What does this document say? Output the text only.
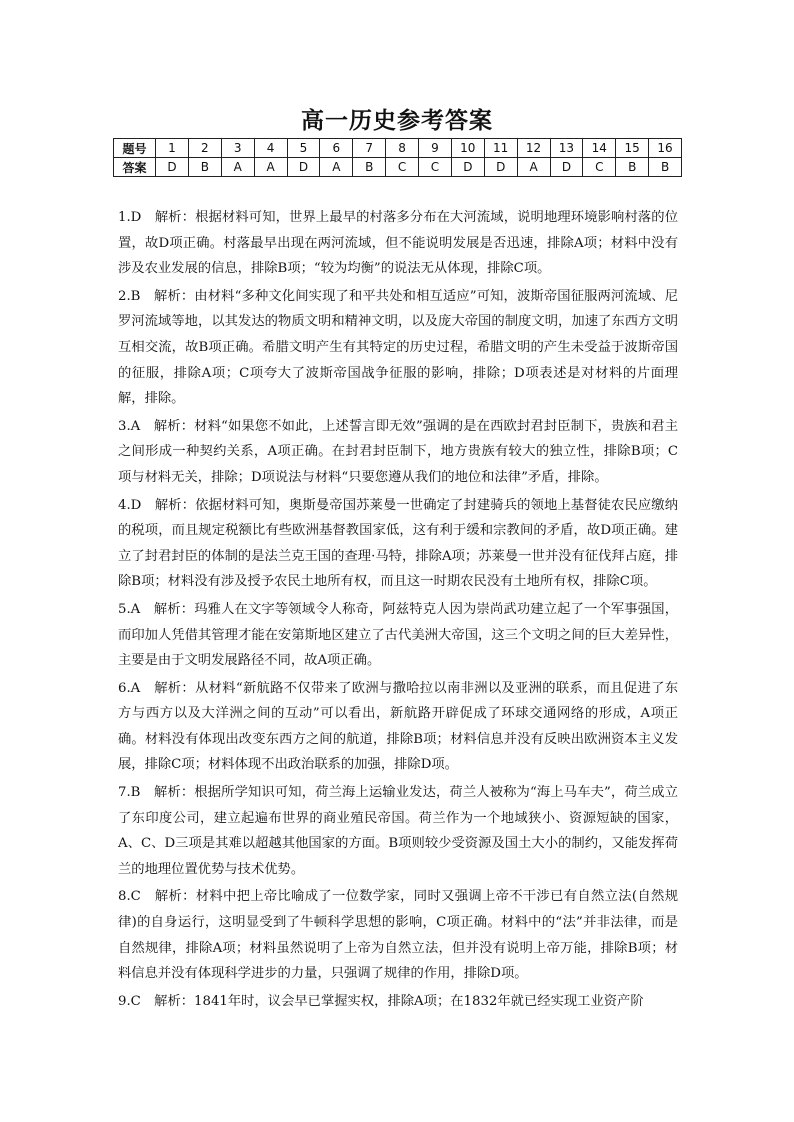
高一历史参考答案
题号	1	2	3	4	5	6	7	8	9	10	11	12	13	14	15	16
答案	D	B	A	A	D	A	B	C	C	D	D	A	D	C	B	B

1.D　解析：根据材料可知，世界上最早的村落多分布在大河流域，说明地理环境影响村落的位置，故D项正确。村落最早出现在两河流域，但不能说明发展是否迅速，排除A项；材料中没有涉及农业发展的信息，排除B项；“较为均衡”的说法无从体现，排除C项。

2.B　解析：由材料“多种文化间实现了和平共处和相互适应”可知，波斯帝国征服两河流域、尼罗河流域等地，以其发达的物质文明和精神文明，以及庞大帝国的制度文明，加速了东西方文明互相交流，故B项正确。希腊文明产生有其特定的历史过程，希腊文明的产生未受益于波斯帝国的征服，排除A项；C项夸大了波斯帝国战争征服的影响，排除；D项表述是对材料的片面理解，排除。

3.A　解析：材料“如果您不如此，上述誓言即无效”强调的是在西欧封君封臣制下，贵族和君主之间形成一种契约关系，A项正确。在封君封臣制下，地方贵族有较大的独立性，排除B项；C项与材料无关，排除；D项说法与材料“只要您遵从我们的地位和法律”矛盾，排除。

4.D　解析：依据材料可知，奥斯曼帝国苏莱曼一世确定了封建骑兵的领地上基督徒农民应缴纳的税项，而且规定税额比有些欧洲基督教国家低，这有利于缓和宗教间的矛盾，故D项正确。建立了封君封臣的体制的是法兰克王国的查理·马特，排除A项；苏莱曼一世并没有征伐拜占庭，排除B项；材料没有涉及授予农民土地所有权，而且这一时期农民没有土地所有权，排除C项。

5.A　解析：玛雅人在文字等领域令人称奇，阿兹特克人因为崇尚武功建立起了一个军事强国，而印加人凭借其管理才能在安第斯地区建立了古代美洲大帝国，这三个文明之间的巨大差异性，主要是由于文明发展路径不同，故A项正确。

6.A　解析：从材料“新航路不仅带来了欧洲与撒哈拉以南非洲以及亚洲的联系，而且促进了东方与西方以及大洋洲之间的互动”可以看出，新航路开辟促成了环球交通网络的形成，A项正确。材料没有体现出改变东西方之间的航道，排除B项；材料信息并没有反映出欧洲资本主义发展，排除C项；材料体现不出政治联系的加强，排除D项。

7.B　解析：根据所学知识可知，荷兰海上运输业发达，荷兰人被称为“海上马车夫”，荷兰成立了东印度公司，建立起遍布世界的商业殖民帝国。荷兰作为一个地域狭小、资源短缺的国家，A、C、D三项是其难以超越其他国家的方面。B项则较少受资源及国土大小的制约，又能发挥荷兰的地理位置优势与技术优势。

8.C　解析：材料中把上帝比喻成了一位数学家，同时又强调上帝不干涉已有自然立法(自然规律)的自身运行，这明显受到了牛顿科学思想的影响，C项正确。材料中的“法”并非法律，而是自然规律，排除A项；材料虽然说明了上帝为自然立法，但并没有说明上帝万能，排除B项；材料信息并没有体现科学进步的力量，只强调了规律的作用，排除D项。

9.C　解析：1841年时，议会早已掌握实权，排除A项；在1832年就已经实现工业资产阶
